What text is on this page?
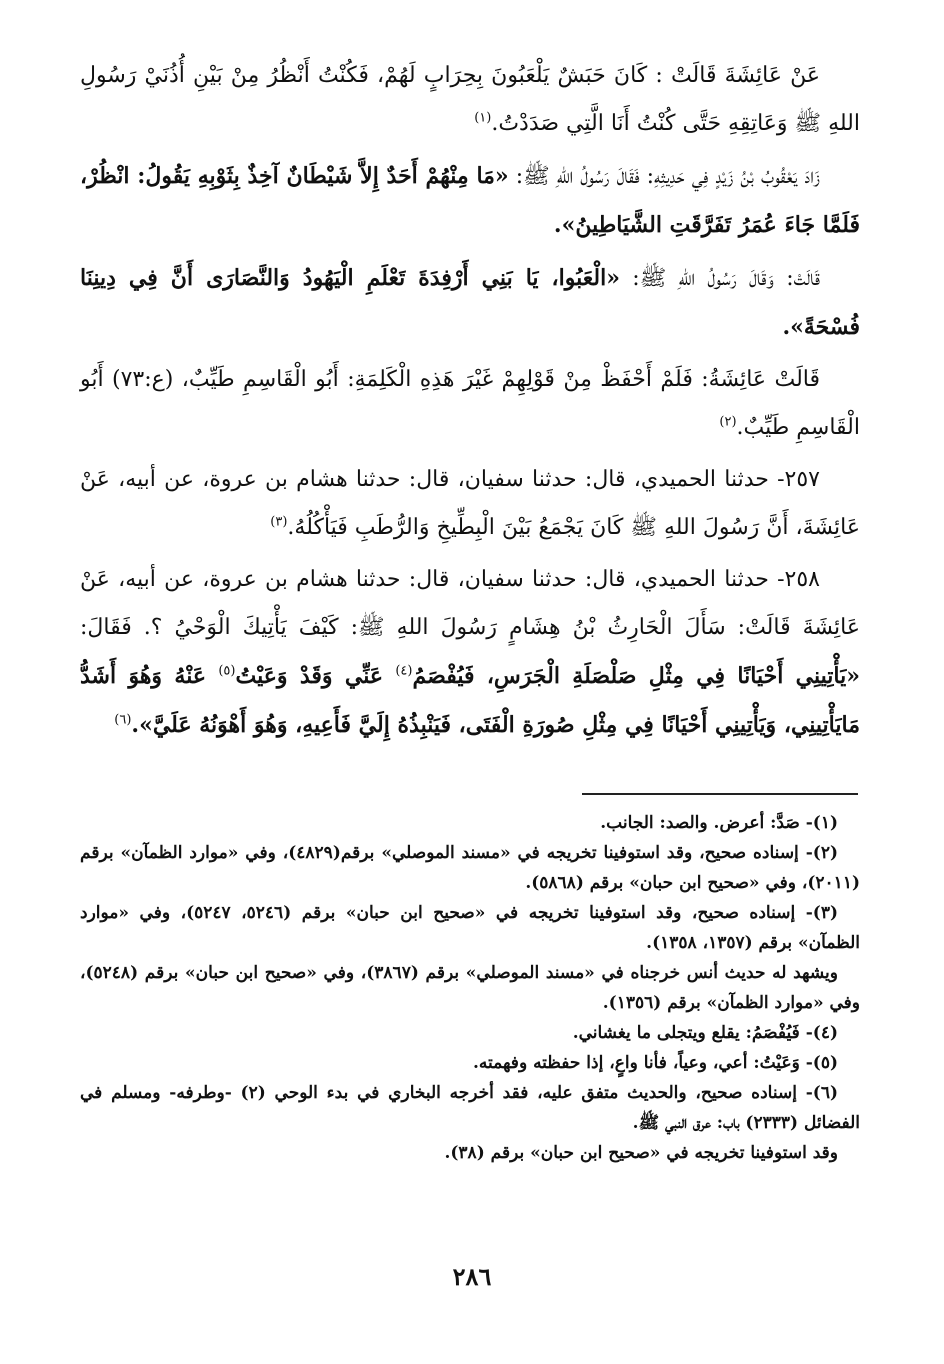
عَنْ عَائِشَةَ قَالَتْ : كَانَ حَبَشٌ يَلْعَبُونَ بِحِرَابٍ لَهُمْ، فَكُنْتُ أَنْظُرُ مِنْ بَيْنِ أُذُنَيْ رَسُولِ اللهِ ﷺ وَعَاتِقِهِ حَتَّى كُنْتُ أَنَا الَّتِي صَدَدْتُ.$^{(١)}$

زَادَ يَعْقُوبُ بْنُ زَيْدٍ فِي حَدِيثِهِ: فَقَالَ رَسُولُ اللهِ ﷺ: «مَا مِنْهُمْ أَحَدٌ إِلاَّ شَيْطَانٌ آخِذٌ بِثَوْبِهِ يَقُولُ: انْظُرْ، فَلَمَّا جَاءَ عُمَرُ تَفَرَّقَتِ الشَّيَاطِينُ».

قَالَتْ: وَقَالَ رَسُولُ اللهِ ﷺ: «الْعَبُوا، يَا بَنِي أَرْفِدَةَ تَعْلَمِ الْيَهُودُ وَالنَّصَارَى أَنَّ فِي دِينِنَا فُسْحَةً».

قَالَتْ عَائِشَةُ: فَلَمْ أَحْفَظْ مِنْ قَوْلِهِمْ غَيْرَ هَذِهِ الْكَلِمَةِ: أَبُو الْقَاسِمِ طَيِّبٌ، (ع:٧٣) أَبُو الْقَاسِمِ طَيِّبٌ.$^{(٢)}$

٢٥٧- حدثنا الحميدي، قال: حدثنا سفيان، قال: حدثنا هشام بن عروة، عن أبيه، عَنْ عَائِشَةَ، أَنَّ رَسُولَ اللهِ ﷺ كَانَ يَجْمَعُ بَيْنَ الْبِطِّيخِ وَالرُّطَبِ فَيَأْكُلُهُ.$^{(٣)}$

٢٥٨- حدثنا الحميدي، قال: حدثنا سفيان، قال: حدثنا هشام بن عروة، عن أبيه، عَنْ عَائِشَةَ قَالَتْ: سَأَلَ الْحَارِثُ بْنُ هِشَامٍ رَسُولَ اللهِ ﷺ: كَيْفَ يَأْتِيكَ الْوَحْيُ ؟. فَقَالَ: «يَأْتِينِي أَحْيَانًا فِي مِثْلِ صَلْصَلَةِ الْجَرَسِ، فَيُفْصَمُ$^{(٤)}$ عَنِّي وَقَدْ وَعَيْتُ$^{(٥)}$ عَنْهُ وَهُوَ أَشَدُّ مَايَأْتِينِي، وَيَأْتِينِي أَحْيَانًا فِي مِثْلِ صُورَةِ الْفَتَى، فَيَنْبِذُهُ إِلَيَّ فَأَعِيهِ، وَهُوَ أَهْوَنُهُ عَلَيَّ».$^{(٦)}$

(١)- صَدَّ: أعرض. والصد: الجانب.

(٢)- إسناده صحيح، وقد استوفينا تخريجه في «مسند الموصلي» برقم(٤٨٢٩)، وفي «موارد الظمآن» برقم (٢٠١١)، وفي «صحيح ابن حبان» برقم (٥٨٦٨).

(٣)- إسناده صحيح، وقد استوفينا تخريجه في «صحيح ابن حبان» برقم (٥٢٤٦، ٥٢٤٧)، وفي «موارد الظمآن» برقم (١٣٥٧، ١٣٥٨).

ويشهد له حديث أنس خرجناه في «مسند الموصلي» برقم (٣٨٦٧)، وفي «صحيح ابن حبان» برقم (٥٢٤٨)، وفي «موارد الظمآن» برقم (١٣٥٦).

(٤)- فَيُفْصَمُ: يقلع ويتجلى ما يغشاني.

(٥)- وَعَيْتُ: أعي، وعياً، فأنا واعٍ، إذا حفظته وفهمته.

(٦)- إسناده صحيح، والحديث متفق عليه، فقد أخرجه البخاري في بدء الوحي (٢) -وطرفه- ومسلم في الفضائل (٢٣٣٣) باب: عرق النبي ﷺ.

وقد استوفينا تخريجه في «صحيح ابن حبان» برقم (٣٨).

٢٨٦
